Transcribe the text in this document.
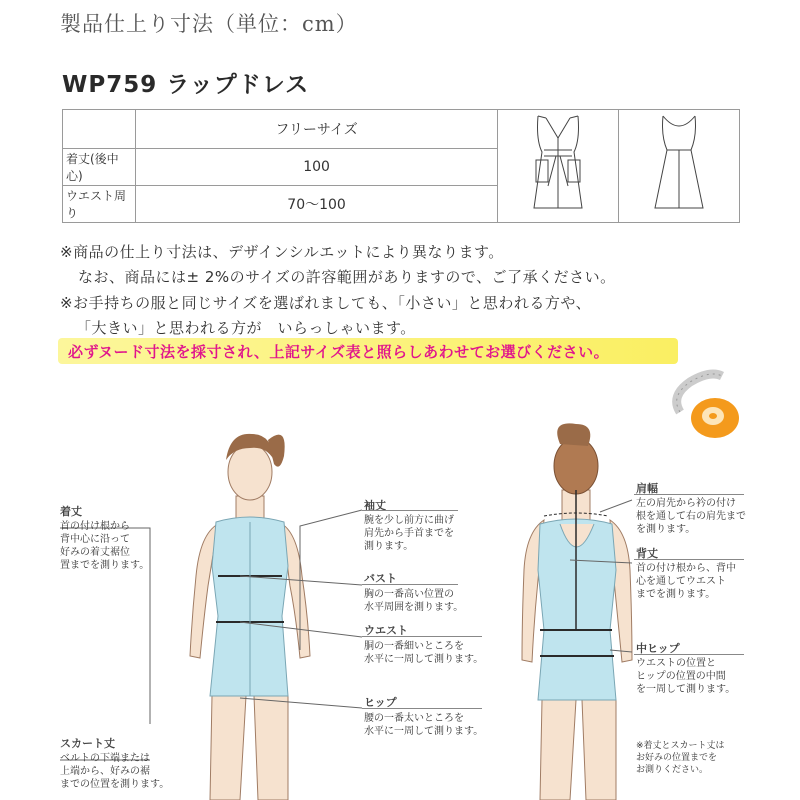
製品仕上り寸法（単位：cm）
WP759 ラップドレス
	フリーサイズ		
着丈(後中心)	100		
ウエスト周り	70〜100		
※商品の仕上り寸法は、デザインシルエットにより異なります。
なお、商品には± 2%のサイズの許容範囲がありますので、ご了承ください。
※お手持ちの服と同じサイズを選ばれましても、「小さい」と思われる方や、
「大きい」と思われる方が　いらっしゃいます。
必ずヌード寸法を採寸され、上記サイズ表と照らしあわせてお選びください。
着丈
首の付け根から
背中心に沿って
好みの着丈裾位
置までを測ります。
スカート丈
ベルトの下端または
上端から、好みの裾
までの位置を測ります。
袖丈
腕を少し前方に曲げ
肩先から手首までを
測ります。
バスト
胸の一番高い位置の
水平周囲を測ります。
ウエスト
胴の一番細いところを
水平に一周して測ります。
ヒップ
腰の一番太いところを
水平に一周して測ります。
肩幅
左の肩先から衿の付け
根を通して右の肩先まで
を測ります。
背丈
首の付け根から、背中
心を通してウエスト
までを測ります。
中ヒップ
ウエストの位置と
ヒップの位置の中間
を一周して測ります。
※着丈とスカート丈は
お好みの位置までを
お測りください。
